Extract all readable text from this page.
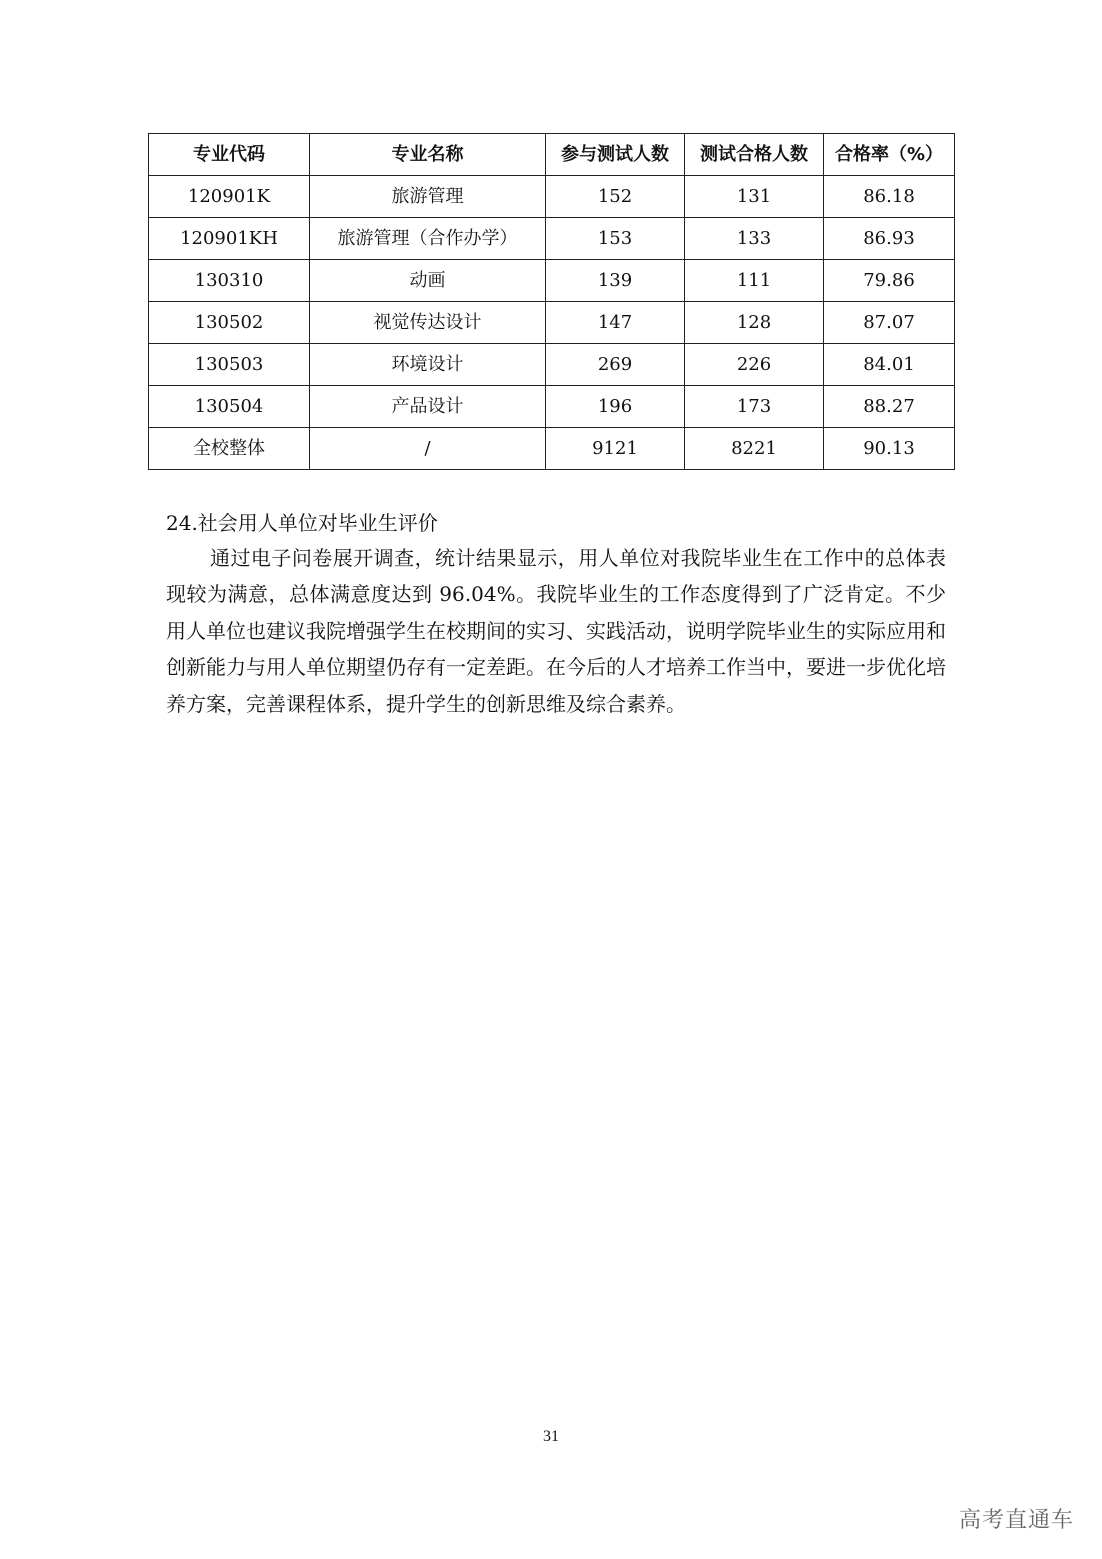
专业代码	专业名称	参与测试人数	测试合格人数	合格率（%）
120901K	旅游管理	152	131	86.18
120901KH	旅游管理（合作办学）	153	133	86.93
130310	动画	139	111	79.86
130502	视觉传达设计	147	128	87.07
130503	环境设计	269	226	84.01
130504	产品设计	196	173	88.27
全校整体	/	9121	8221	90.13
24.社会用人单位对毕业生评价

通过电子问卷展开调查，统计结果显示，用人单位对我院毕业生在工作中的总体表现较为满意，总体满意度达到 96.04%。我院毕业生的工作态度得到了广泛肯定。不少用人单位也建议我院增强学生在校期间的实习、实践活动，说明学院毕业生的实际应用和创新能力与用人单位期望仍存有一定差距。在今后的人才培养工作当中，要进一步优化培养方案，完善课程体系，提升学生的创新思维及综合素养。

31
高考直通车
